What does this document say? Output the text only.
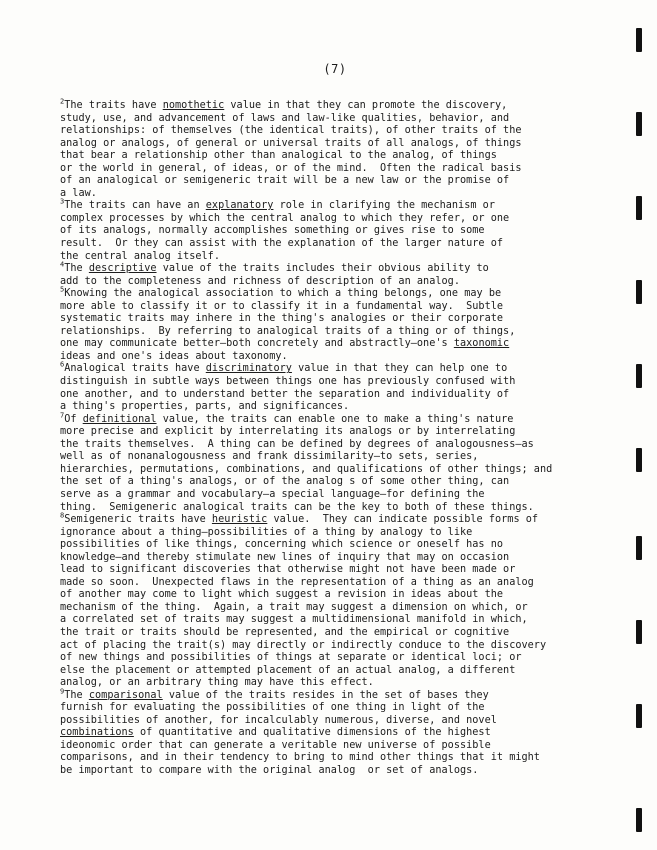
(7)
$^2$The traits have nomothetic value in that they can promote the discovery,
study, use, and advancement of laws and law-like qualities, behavior, and
relationships: of themselves (the identical traits), of other traits of the
analog or analogs, of general or universal traits of all analogs, of things
that bear a relationship other than analogical to the analog, of things
or the world in general, of ideas, or of the mind.  Often the radical basis
of an analogical or semigeneric trait will be a new law or the promise of
a law.
$^3$The traits can have an explanatory role in clarifying the mechanism or
complex processes by which the central analog to which they refer, or one
of its analogs, normally accomplishes something or gives rise to some
result.  Or they can assist with the explanation of the larger nature of
the central analog itself.
$^4$The descriptive value of the traits includes their obvious ability to
add to the completeness and richness of description of an analog.
$^5$Knowing the analogical association to which a thing belongs, one may be
more able to classify it or to classify it in a fundamental way.  Subtle
systematic traits may inhere in the thing's analogies or their corporate
relationships.  By referring to analogical traits of a thing or of things,
one may communicate better—both concretely and abstractly—one's taxonomic
ideas and one's ideas about taxonomy.
$^6$Analogical traits have discriminatory value in that they can help one to
distinguish in subtle ways between things one has previously confused with
one another, and to understand better the separation and individuality of
a thing's properties, parts, and significances.
$^7$Of definitional value, the traits can enable one to make a thing's nature
more precise and explicit by interrelating its analogs or by interrelating
the traits themselves.  A thing can be defined by degrees of analogousness—as
well as of nonanalogousness and frank dissimilarity—to sets, series,
hierarchies, permutations, combinations, and qualifications of other things; and
the set of a thing's analogs, or of the analog s of some other thing, can
serve as a grammar and vocabulary—a special language—for defining the
thing.  Semigeneric analogical traits can be the key to both of these things.
$^8$Semigeneric traits have heuristic value.  They can indicate possible forms of
ignorance about a thing—possibilities of a thing by analogy to like
possibilities of like things, concerning which science or oneself has no
knowledge—and thereby stimulate new lines of inquiry that may on occasion
lead to significant discoveries that otherwise might not have been made or
made so soon.  Unexpected flaws in the representation of a thing as an analog
of another may come to light which suggest a revision in ideas about the
mechanism of the thing.  Again, a trait may suggest a dimension on which, or
a correlated set of traits may suggest a multidimensional manifold in which,
the trait or traits should be represented, and the empirical or cognitive
act of placing the trait(s) may directly or indirectly conduce to the discovery
of new things and possibilities of things at separate or identical loci; or
else the placement or attempted placement of an actual analog, a different
analog, or an arbitrary thing may have this effect.
$^9$The comparisonal value of the traits resides in the set of bases they
furnish for evaluating the possibilities of one thing in light of the
possibilities of another, for incalculably numerous, diverse, and novel
combinations of quantitative and qualitative dimensions of the highest
ideonomic order that can generate a veritable new universe of possible
comparisons, and in their tendency to bring to mind other things that it might
be important to compare with the original analog  or set of analogs.
